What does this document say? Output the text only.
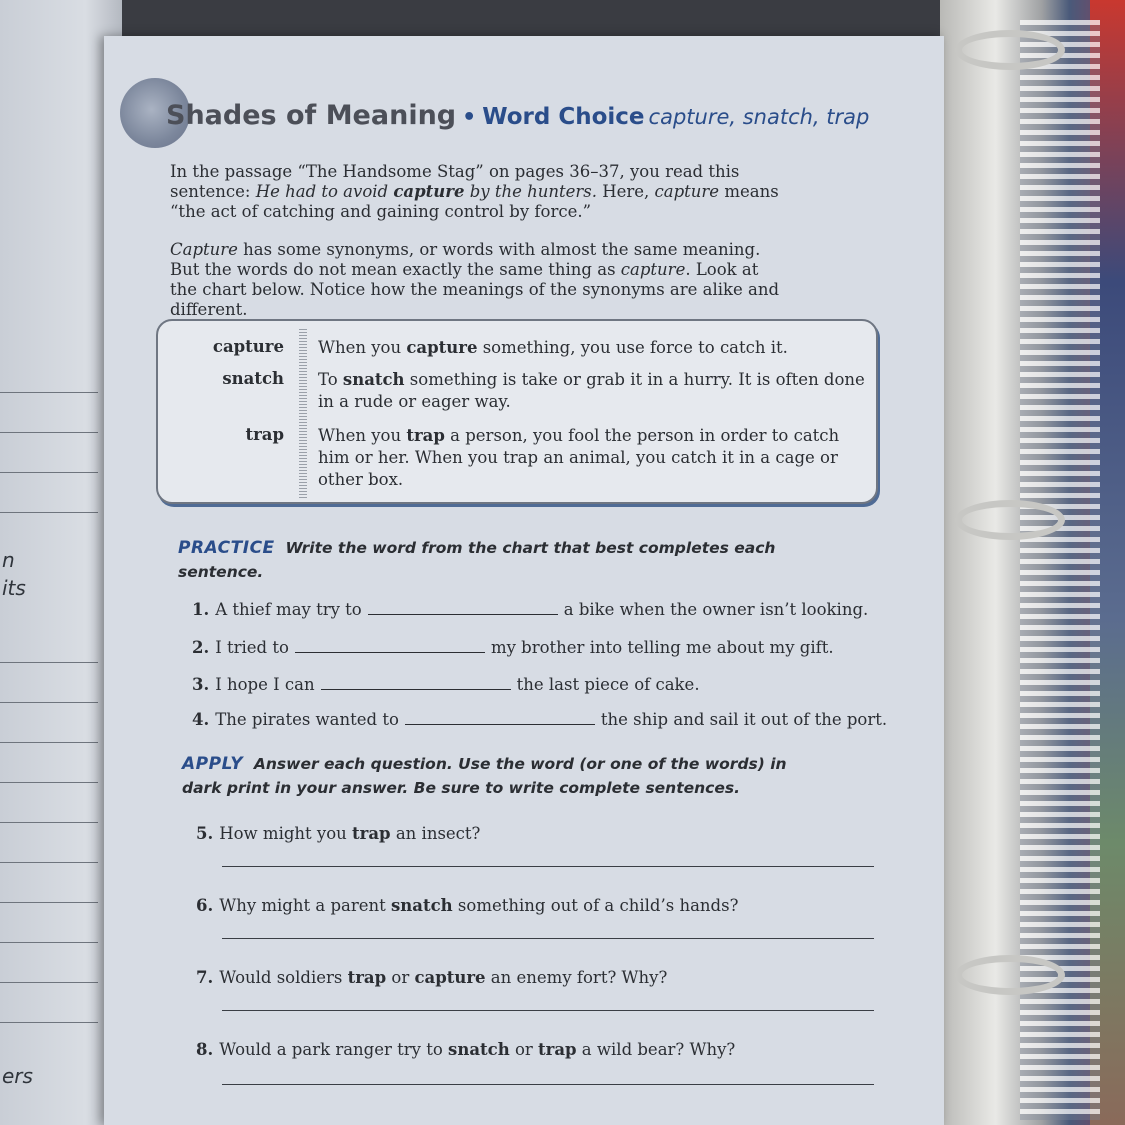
n
its
ers
Shades of Meaning • Word Choice capture, snatch, trap
In the passage “The Handsome Stag” on pages 36–37, you read this sentence: He had to avoid capture by the hunters. Here, capture means “the act of catching and gaining control by force.”
Capture has some synonyms, or words with almost the same meaning. But the words do not mean exactly the same thing as capture. Look at the chart below. Notice how the meanings of the synonyms are alike and different.
capture When you capture something, you use force to catch it.
snatch To snatch something is take or grab it in a hurry. It is often done in a rude or eager way.
trap When you trap a person, you fool the person in order to catch him or her. When you trap an animal, you catch it in a cage or other box.
PRACTICE Write the word from the chart that best completes each sentence.
1. A thief may try to	a bike when the owner isn’t looking.
2. I tried to	my brother into telling me about my gift.
3. I hope I can	the last piece of cake.
4. The pirates wanted to	the ship and sail it out of the port.
APPLY Answer each question. Use the word (or one of the words) in dark print in your answer. Be sure to write complete sentences.
5. How might you trap an insect?
6. Why might a parent snatch something out of a child’s hands?
7. Would soldiers trap or capture an enemy fort? Why?
8. Would a park ranger try to snatch or trap a wild bear? Why?
